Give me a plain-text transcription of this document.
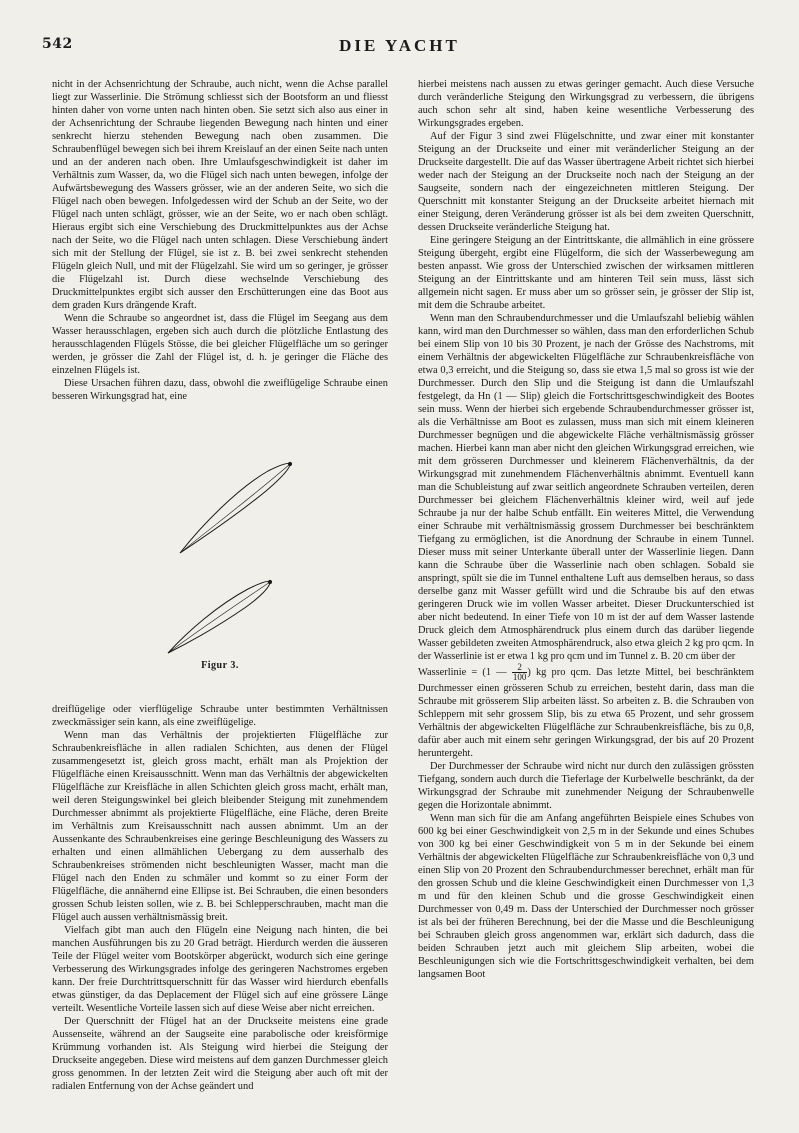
542	DIE YACHT

nicht in der Achsenrichtung der Schraube, auch nicht, wenn die Achse parallel liegt zur Wasserlinie. Die Strömung schliesst sich der Bootsform an und fliesst hinten daher von vorne unten nach hinten oben. Sie setzt sich also aus einer in der Achsenrichtung der Schraube liegenden Bewegung nach hinten und einer senkrecht hierzu stehenden Bewegung nach oben zusammen. Die Schraubenflügel bewegen sich bei ihrem Kreislauf an der einen Seite nach unten und an der anderen nach oben. Ihre Umlaufsgeschwindigkeit ist daher im Verhältnis zum Wasser, da, wo die Flügel sich nach unten bewegen, infolge der Aufwärtsbewegung des Wassers grösser, wie an der anderen Seite, wo sich die Flügel nach oben bewegen. Infolgedessen wird der Schub an der Seite, wo der Flügel nach unten schlägt, grösser, wie an der Seite, wo er nach oben schlägt. Hieraus ergibt sich eine Verschiebung des Druckmittelpunktes aus der Achse nach der Seite, wo die Flügel nach unten schlagen. Diese Verschiebung ändert sich mit der Stellung der Flügel, sie ist z. B. bei zwei senkrecht stehenden Flügeln gleich Null, und mit der Flügelzahl. Sie wird um so geringer, je grösser die Flügelzahl ist. Durch diese wechselnde Verschiebung des Druckmittelpunktes ergibt sich ausser den Erschütterungen eine das Boot aus dem graden Kurs drängende Kraft.

Wenn die Schraube so angeordnet ist, dass die Flügel im Seegang aus dem Wasser herausschlagen, ergeben sich auch durch die plötzliche Entlastung des herausschlagenden Flügels Stösse, die bei gleicher Flügelfläche um so geringer werden, je grösser die Zahl der Flügel ist, d. h. je geringer die Fläche des einzelnen Flügels ist.

Diese Ursachen führen dazu, dass, obwohl die zweiflügelige Schraube einen besseren Wirkungsgrad hat, eine

Figur 3.

dreiflügelige oder vierflügelige Schraube unter bestimmten Verhältnissen zweckmässiger sein kann, als eine zweiflügelige.

Wenn man das Verhältnis der projektierten Flügelfläche zur Schraubenkreisfläche in allen radialen Schichten, aus denen der Flügel zusammengesetzt ist, gleich gross macht, erhält man als Projektion der Flügelfläche einen Kreisausschnitt. Wenn man das Verhältnis der abgewickelten Flügelfläche zur Kreisfläche in allen Schichten gleich gross macht, erhält man, weil deren Steigungswinkel bei gleich bleibender Steigung mit zunehmendem Durchmesser abnimmt als projektierte Flügelfläche, eine Fläche, deren Breite im Verhältnis zum Kreisausschnitt nach aussen abnimmt. Um an der Aussenkante des Schraubenkreises eine geringe Beschleunigung des Wassers zu erhalten und einen allmählichen Uebergang zu dem ausserhalb des Schraubenkreises strömenden nicht beschleunigten Wasser, macht man die Flügel nach den Enden zu schmäler und kommt so zu einer Form der Flügelfläche, die annähernd eine Ellipse ist. Bei Schrauben, die einen besonders grossen Schub leisten sollen, wie z. B. bei Schlepperschrauben, macht man die Flügel auch aussen verhältnismässig breit.

Vielfach gibt man auch den Flügeln eine Neigung nach hinten, die bei manchen Ausführungen bis zu 20 Grad beträgt. Hierdurch werden die äusseren Teile der Flügel weiter vom Bootskörper abgerückt, wodurch sich eine geringe Verbesserung des Wirkungsgrades infolge des geringeren Nachstromes ergeben kann. Der freie Durchtrittsquerschnitt für das Wasser wird hierdurch ebenfalls etwas günstiger, da das Deplacement der Flügel sich auf eine grössere Länge verteilt. Wesentliche Vorteile lassen sich auf diese Weise aber nicht erreichen.

Der Querschnitt der Flügel hat an der Druckseite meistens eine grade Aussenseite, während an der Saugseite eine parabolische oder kreisförmige Krümmung vorhanden ist. Als Steigung wird hierbei die Steigung der Druckseite angegeben. Diese wird meistens auf dem ganzen Durchmesser gleich gross genommen. In der letzten Zeit wird die Steigung aber auch oft mit der radialen Entfernung von der Achse geändert und

hierbei meistens nach aussen zu etwas geringer gemacht. Auch diese Versuche durch veränderliche Steigung den Wirkungsgrad zu verbessern, die übrigens auch schon sehr alt sind, haben keine wesentliche Verbesserung des Wirkungsgrades ergeben.

Auf der Figur 3 sind zwei Flügelschnitte, und zwar einer mit konstanter Steigung an der Druckseite und einer mit veränderlicher Steigung an der Druckseite dargestellt. Die auf das Wasser übertragene Arbeit richtet sich hierbei weder nach der Steigung an der Druckseite noch nach der Steigung an der Saugseite, sondern nach der eingezeichneten mittleren Steigung. Der Querschnitt mit konstanter Steigung an der Druckseite arbeitet hiernach mit einer Steigung, deren Veränderung grösser ist als bei dem zweiten Querschnitt, dessen Druckseite veränderliche Steigung hat.

Eine geringere Steigung an der Eintrittskante, die allmählich in eine grössere Steigung übergeht, ergibt eine Flügelform, die sich der Wasserbewegung am besten anpasst. Wie gross der Unterschied zwischen der wirksamen mittleren Steigung an der Eintrittskante und am hinteren Teil sein muss, lässt sich allgemein nicht sagen. Er muss aber um so grösser sein, je grösser der Slip ist, mit dem die Schraube arbeitet.

Wenn man den Schraubendurchmesser und die Umlaufszahl beliebig wählen kann, wird man den Durchmesser so wählen, dass man den erforderlichen Schub bei einem Slip von 10 bis 30 Prozent, je nach der Grösse des Nachstroms, mit einem Verhältnis der abgewickelten Flügelfläche zur Schraubenkreisfläche von etwa 0,3 erreicht, und die Steigung so, dass sie etwa 1,5 mal so gross ist wie der Durchmesser. Durch den Slip und die Steigung ist dann die Umlaufszahl festgelegt, da Hn (1 — Slip) gleich die Fortschrittsgeschwindigkeit des Bootes sein muss. Wenn der hierbei sich ergebende Schraubendurchmesser grösser ist, als die Verhältnisse am Boot es zulassen, muss man sich mit einem kleineren Durchmesser begnügen und die abgewickelte Fläche verhältnismässig grösser machen. Hierbei kann man aber nicht den gleichen Wirkungsgrad erreichen, wie mit dem grösseren Durchmesser und kleinerem Flächenverhältnis, da der Wirkungsgrad mit zunehmendem Flächenverhältnis abnimmt. Eventuell kann man die Schubleistung auf zwar seitlich angeordnete Schrauben verteilen, deren Durchmesser bei gleichem Flächenverhältnis kleiner wird, weil auf jede Schraube ja nur der halbe Schub entfällt. Ein weiteres Mittel, die Verwendung einer Schraube mit verhältnismässig grossem Durchmesser bei beschränktem Tiefgang zu ermöglichen, ist die Anordnung der Schraube in einem Tunnel. Dieser muss mit seiner Unterkante überall unter der Wasserlinie liegen. Dann kann die Schraube über die Wasserlinie nach oben schlagen. Sobald sie anspringt, spült sie die im Tunnel enthaltene Luft aus demselben heraus, so dass derselbe ganz mit Wasser gefüllt wird und die Schraube bis auf den etwas geringeren Druck wie im vollen Wasser arbeitet. Dieser Druckunterschied ist aber nicht bedeutend. In einer Tiefe von 10 m ist der auf dem Wasser lastende Druck gleich dem Atmosphärendruck plus einem durch das darüber liegende Wasser gebildeten zweiten Atmosphärendruck, also etwa gleich 2 kg pro qcm. In der Wasserlinie ist er etwa 1 kg pro qcm und im Tunnel z. B. 20 cm über der

Wasserlinie = (1 — $\frac{2}{100}$ ) kg pro qcm. Das letzte Mittel, bei beschränktem Durchmesser einen grösseren Schub zu erreichen, besteht darin, dass man die Schraube mit grösserem Slip arbeiten lässt. So arbeiten z. B. die Schrauben von Schleppern mit sehr grossem Slip, bis zu etwa 65 Prozent, und sehr grossem Verhältnis der abgewickelten Flügelfläche zur Schraubenkreisfläche, bis zu 0,8, dafür aber auch mit einem sehr geringen Wirkungsgrad, der bis auf 20 Prozent heruntergeht.

Der Durchmesser der Schraube wird nicht nur durch den zulässigen grössten Tiefgang, sondern auch durch die Tieferlage der Kurbelwelle beschränkt, da der Wirkungsgrad der Schraube mit zunehmender Neigung der Schraubenwelle gegen die Horizontale abnimmt.

Wenn man sich für die am Anfang angeführten Beispiele eines Schubes von 600 kg bei einer Geschwindigkeit von 2,5 m in der Sekunde und eines Schubes von 300 kg bei einer Geschwindigkeit von 5 m in der Sekunde bei einem Verhältnis der abgewickelten Flügelfläche zur Schraubenkreisfläche von 0,3 und einen Slip von 20 Prozent den Schraubendurchmesser berechnet, erhält man für den grossen Schub und die kleine Geschwindigkeit einen Durchmesser von 1,3 m und für den kleinen Schub und die grosse Geschwindigkeit einen Durchmesser von 0,49 m. Dass der Unterschied der Durchmesser noch grösser ist als bei der früheren Berechnung, bei der die Masse und die Beschleunigung bei Schrauben gleich gross angenommen war, erklärt sich dadurch, dass die beiden Schrauben jetzt auch mit gleichem Slip arbeiten, wobei die Beschleunigungen sich wie die Fortschrittsgeschwindigkeit verhalten, bei dem langsamen Boot
